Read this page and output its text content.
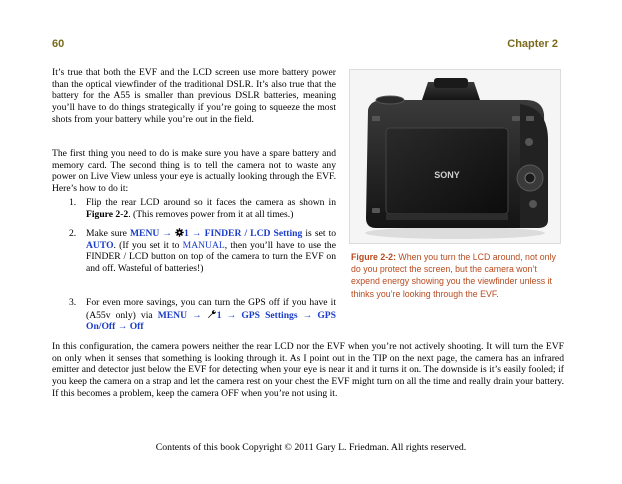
60	Chapter 2

It’s true that both the EVF and the LCD screen use more battery power than the optical viewfinder of the traditional DSLR. It’s also true that the battery for the A55 is smaller than previous DSLR batteries, meaning you’ll have to do things strategically if you’re going to squeeze the most shots from your battery while you’re out in the field.

The first thing you need to do is make sure you have a spare battery and memory card. The second thing is to tell the camera not to waste any power on Live View unless your eye is actually looking through the EVF. Here’s how to do it:

1. Flip the rear LCD around so it faces the camera as shown in Figure 2-2. (This removes power from it at all times.)
2. Make sure MENU → 1 → FINDER / LCD Setting is set to AUTO. (If you set it to MANUAL, then you’ll have to use the FINDER / LCD button on top of the camera to turn the EVF on and off. Wasteful of batteries!)
3. For even more savings, you can turn the GPS off if you have it (A55v only) via MENU → 1 → GPS Settings → GPS On/Off → Off
SONY
Figure 2-2: When you turn the LCD around, not only do you protect the screen, but the camera won’t expend energy showing you the viewfinder unless it thinks you’re looking through the EVF.

In this configuration, the camera powers neither the rear LCD nor the EVF when you’re not actively shooting. It will turn the EVF on only when it senses that something is looking through it. As I point out in the TIP on the next page, the camera has an infrared emitter and detector just below the EVF for detecting when your eye is near it and it turns it on. The downside is it’s easily fooled; if you keep the camera on a strap and let the camera rest on your chest the EVF might turn on all the time and really drain your battery. If this becomes a problem, keep the camera OFF when you’re not using it.

Contents of this book Copyright © 2011 Gary L. Friedman. All rights reserved.
